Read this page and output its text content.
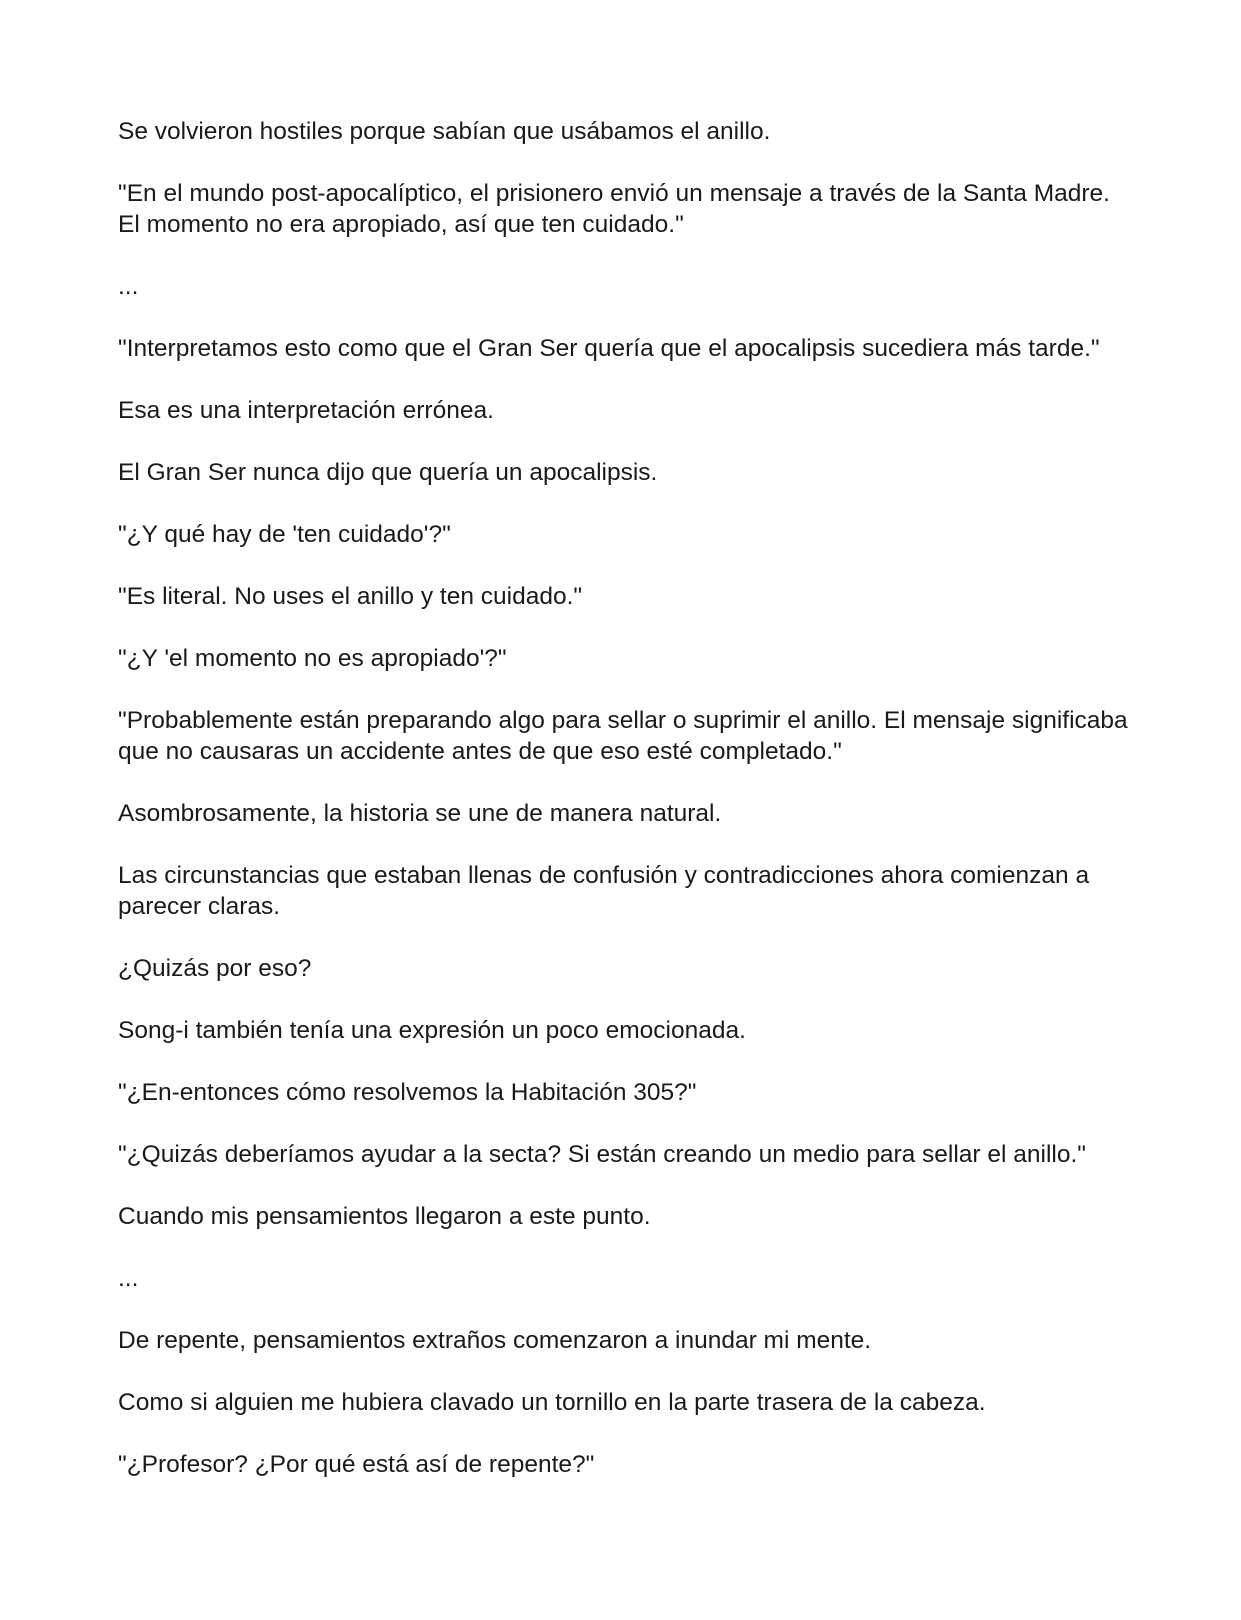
Se volvieron hostiles porque sabían que usábamos el anillo.

"En el mundo post-apocalíptico, el prisionero envió un mensaje a través de la Santa Madre. El momento no era apropiado, así que ten cuidado."

...

"Interpretamos esto como que el Gran Ser quería que el apocalipsis sucediera más tarde."

Esa es una interpretación errónea.

El Gran Ser nunca dijo que quería un apocalipsis.

"¿Y qué hay de 'ten cuidado'?"

"Es literal. No uses el anillo y ten cuidado."

"¿Y 'el momento no es apropiado'?"

"Probablemente están preparando algo para sellar o suprimir el anillo. El mensaje significaba que no causaras un accidente antes de que eso esté completado."

Asombrosamente, la historia se une de manera natural.

Las circunstancias que estaban llenas de confusión y contradicciones ahora comienzan a parecer claras.

¿Quizás por eso?

Song-i también tenía una expresión un poco emocionada.

"¿En-entonces cómo resolvemos la Habitación 305?"

"¿Quizás deberíamos ayudar a la secta? Si están creando un medio para sellar el anillo."

Cuando mis pensamientos llegaron a este punto.

...

De repente, pensamientos extraños comenzaron a inundar mi mente.

Como si alguien me hubiera clavado un tornillo en la parte trasera de la cabeza.

"¿Profesor? ¿Por qué está así de repente?"
